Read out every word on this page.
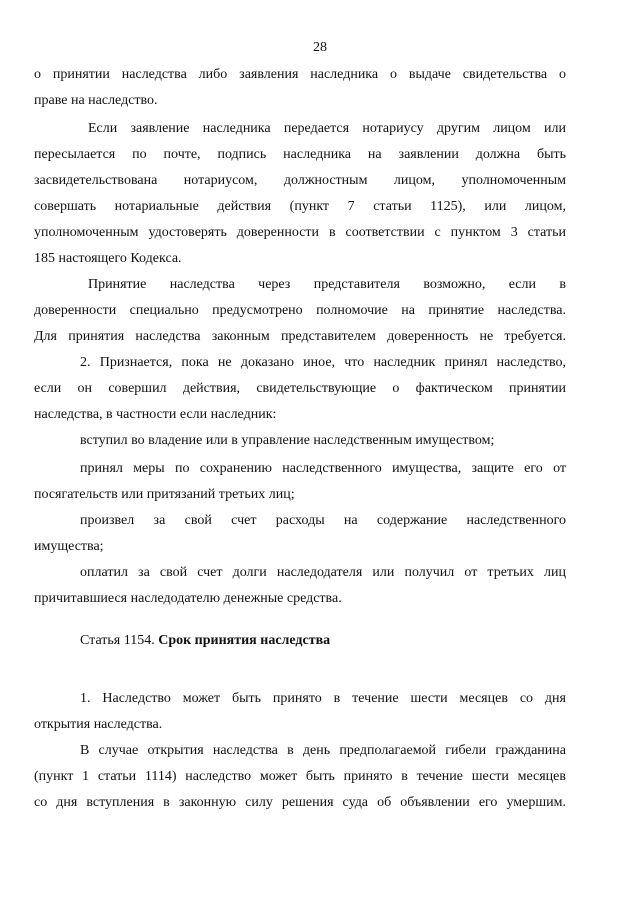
28
о принятии наследства либо заявления наследника о выдаче свидетельства о
праве на наследство.
Если заявление наследника передается нотариусу другим лицом или
пересылается по почте, подпись наследника на заявлении должна быть
засвидетельствована нотариусом, должностным лицом, уполномоченным
совершать нотариальные действия (пункт 7 статьи 1125), или лицом,
уполномоченным удостоверять доверенности в соответствии с пунктом 3 статьи
185 настоящего Кодекса.
Принятие наследства через представителя возможно, если в
доверенности специально предусмотрено полномочие на принятие наследства.
Для принятия наследства законным представителем доверенность не требуется.
2. Признается, пока не доказано иное, что наследник принял наследство,
если он совершил действия, свидетельствующие о фактическом принятии
наследства, в частности если наследник:
вступил во владение или в управление наследственным имуществом;
принял меры по сохранению наследственного имущества, защите его от
посягательств или притязаний третьих лиц;
произвел за свой счет расходы на содержание наследственного
имущества;
оплатил за свой счет долги наследодателя или получил от третьих лиц
причитавшиеся наследодателю денежные средства.
Статья 1154. Срок принятия наследства
1. Наследство может быть принято в течение шести месяцев со дня
открытия наследства.
В случае открытия наследства в день предполагаемой гибели гражданина
(пункт 1 статьи 1114) наследство может быть принято в течение шести месяцев
со дня вступления в законную силу решения суда об объявлении его умершим.
